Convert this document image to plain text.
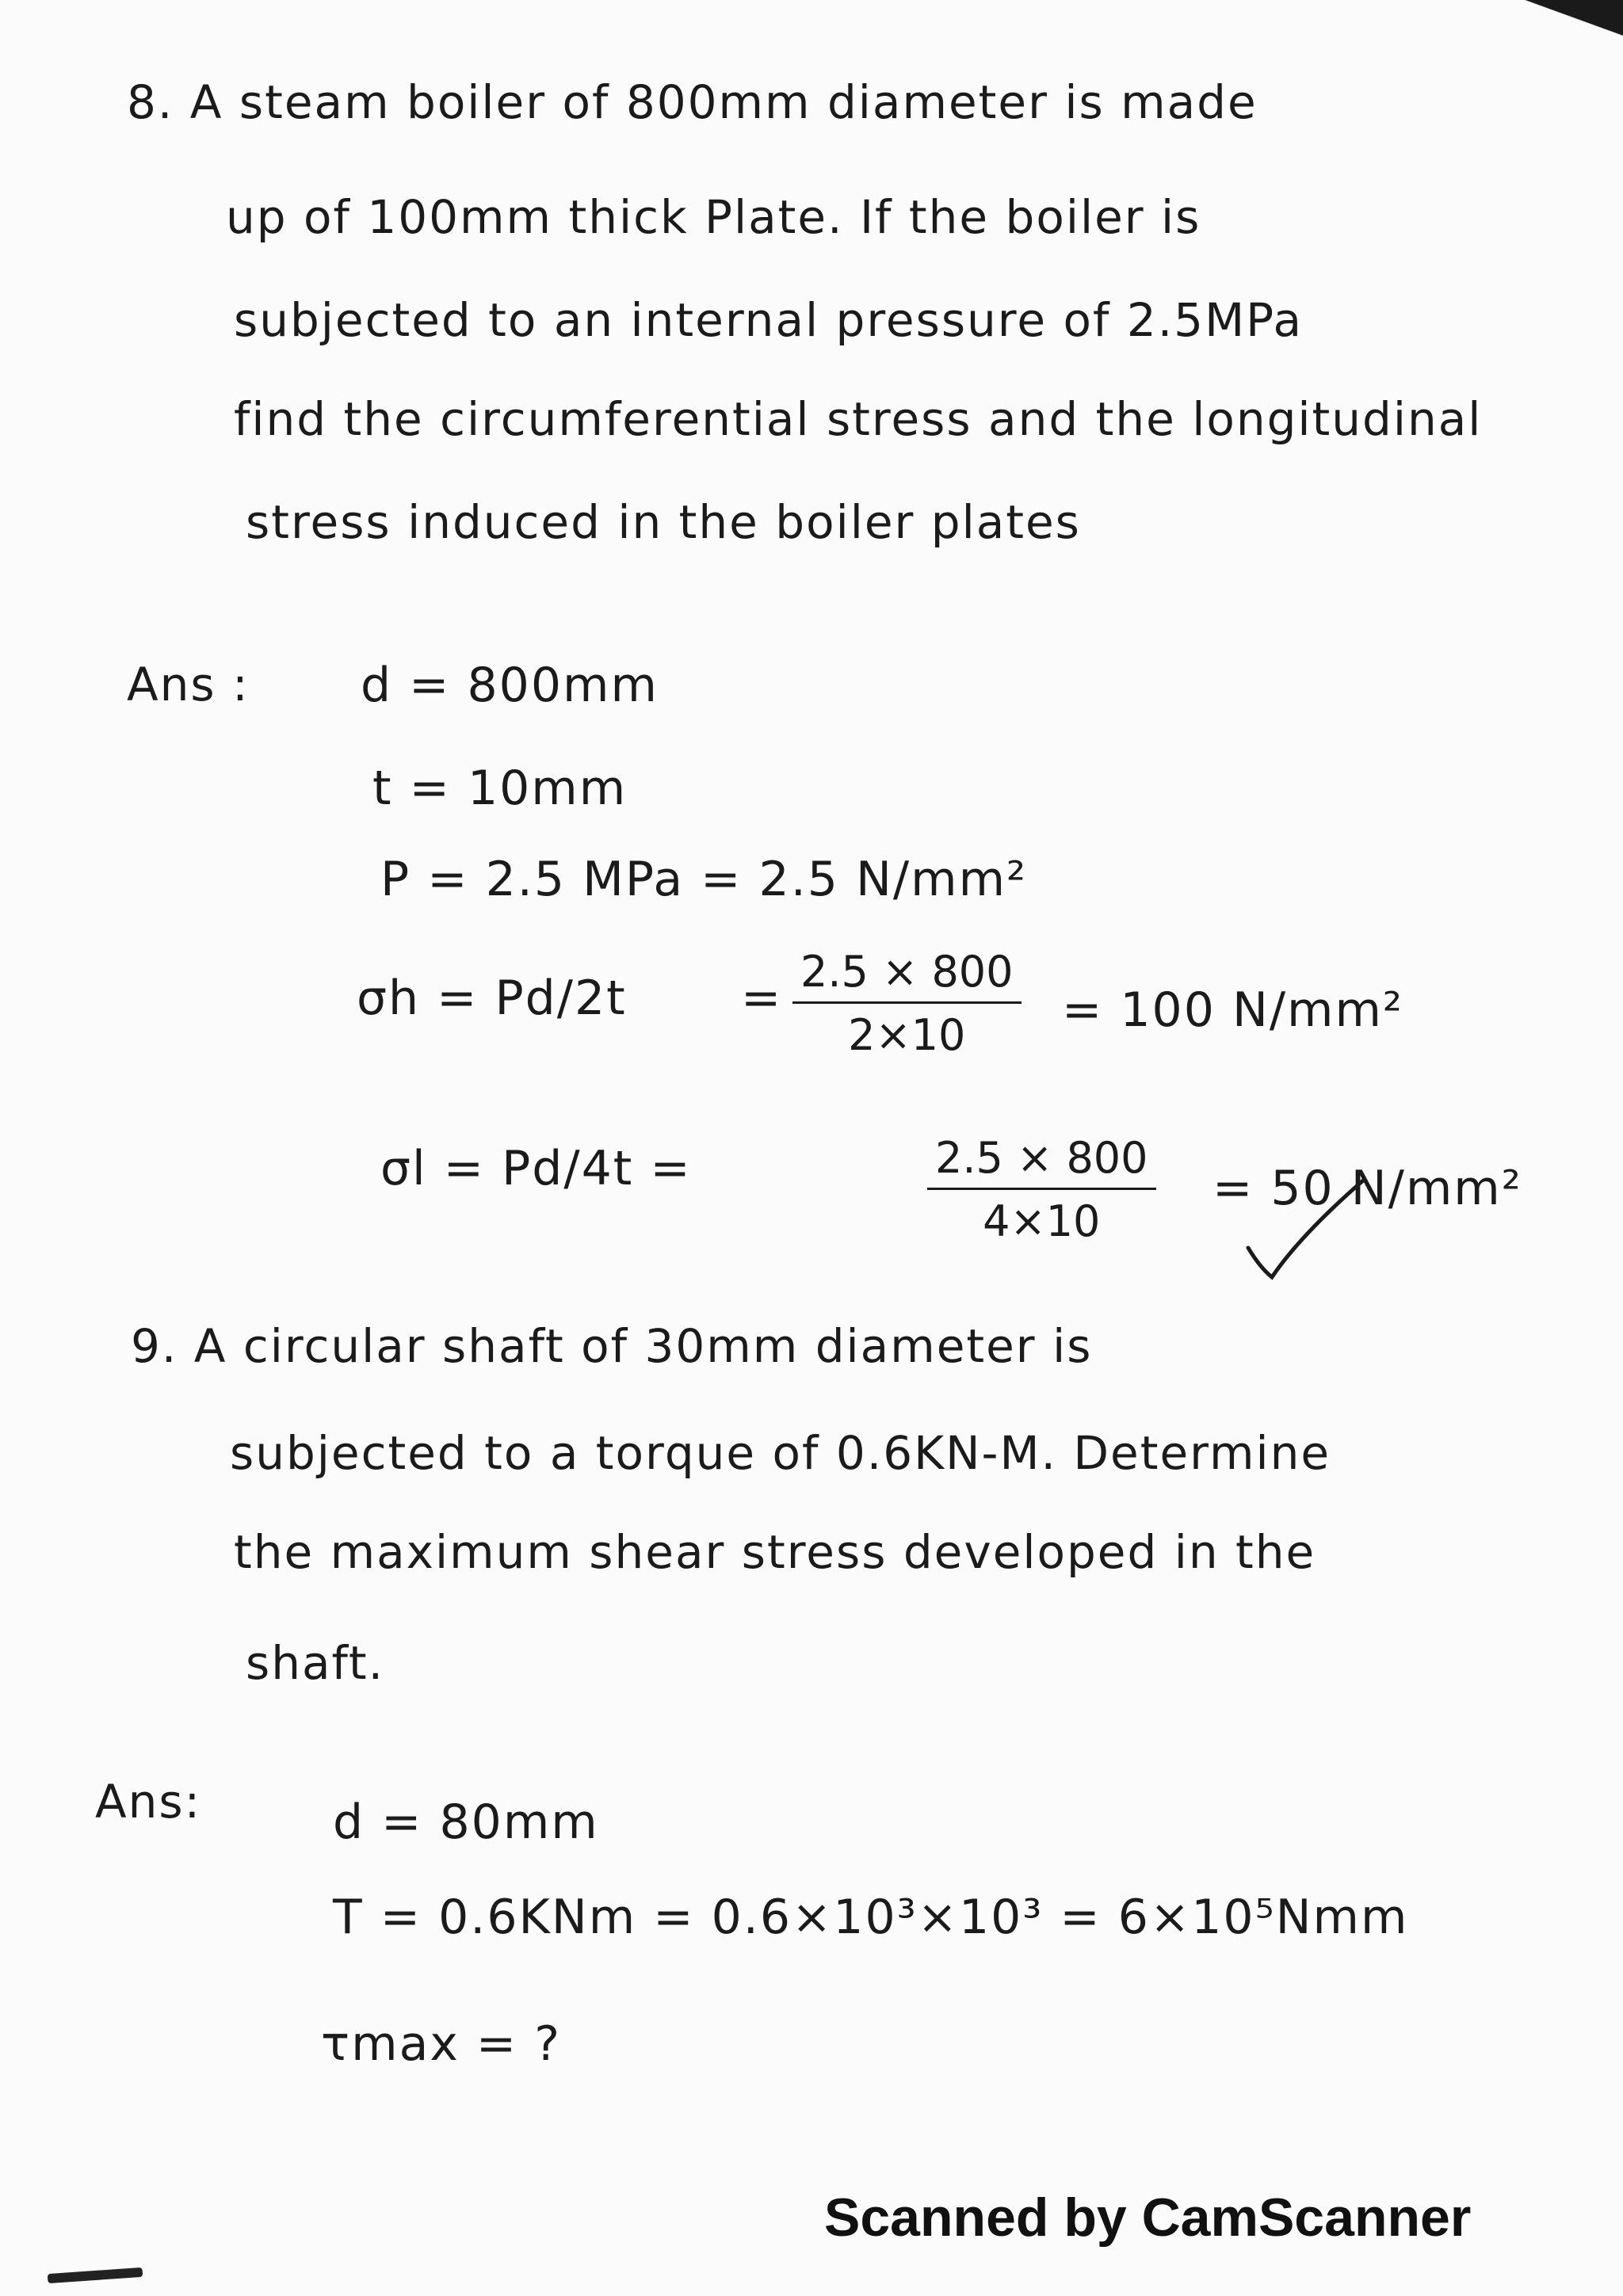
8. A steam boiler of 800mm diameter is made
up of 100mm thick Plate. If the boiler is
subjected to an internal pressure of 2.5MPa
find the circumferential stress and the longitudinal
stress induced in the boiler plates
Ans : d = 800mm
t = 10mm
P = 2.5 MPa = 2.5 N/mm²
$\sigma h = Pd/2t = \frac{2.5 \times 800}{2\times 10} = 100$ N/mm²
σl = Pd/4t =	$\frac{2.5 \times 800}{4\times 10} = 50$ N/mm²
9. A circular shaft of 30mm diameter is
subjected to a torque of 0.6KN-M. Determine
the maximum shear stress developed in the
shaft.
Ans:	d = 80mm
T = 0.6KNm = 0.6×10³×10³ = 6×10⁵Nmm
τmax = ?
Scanned by CamScanner
